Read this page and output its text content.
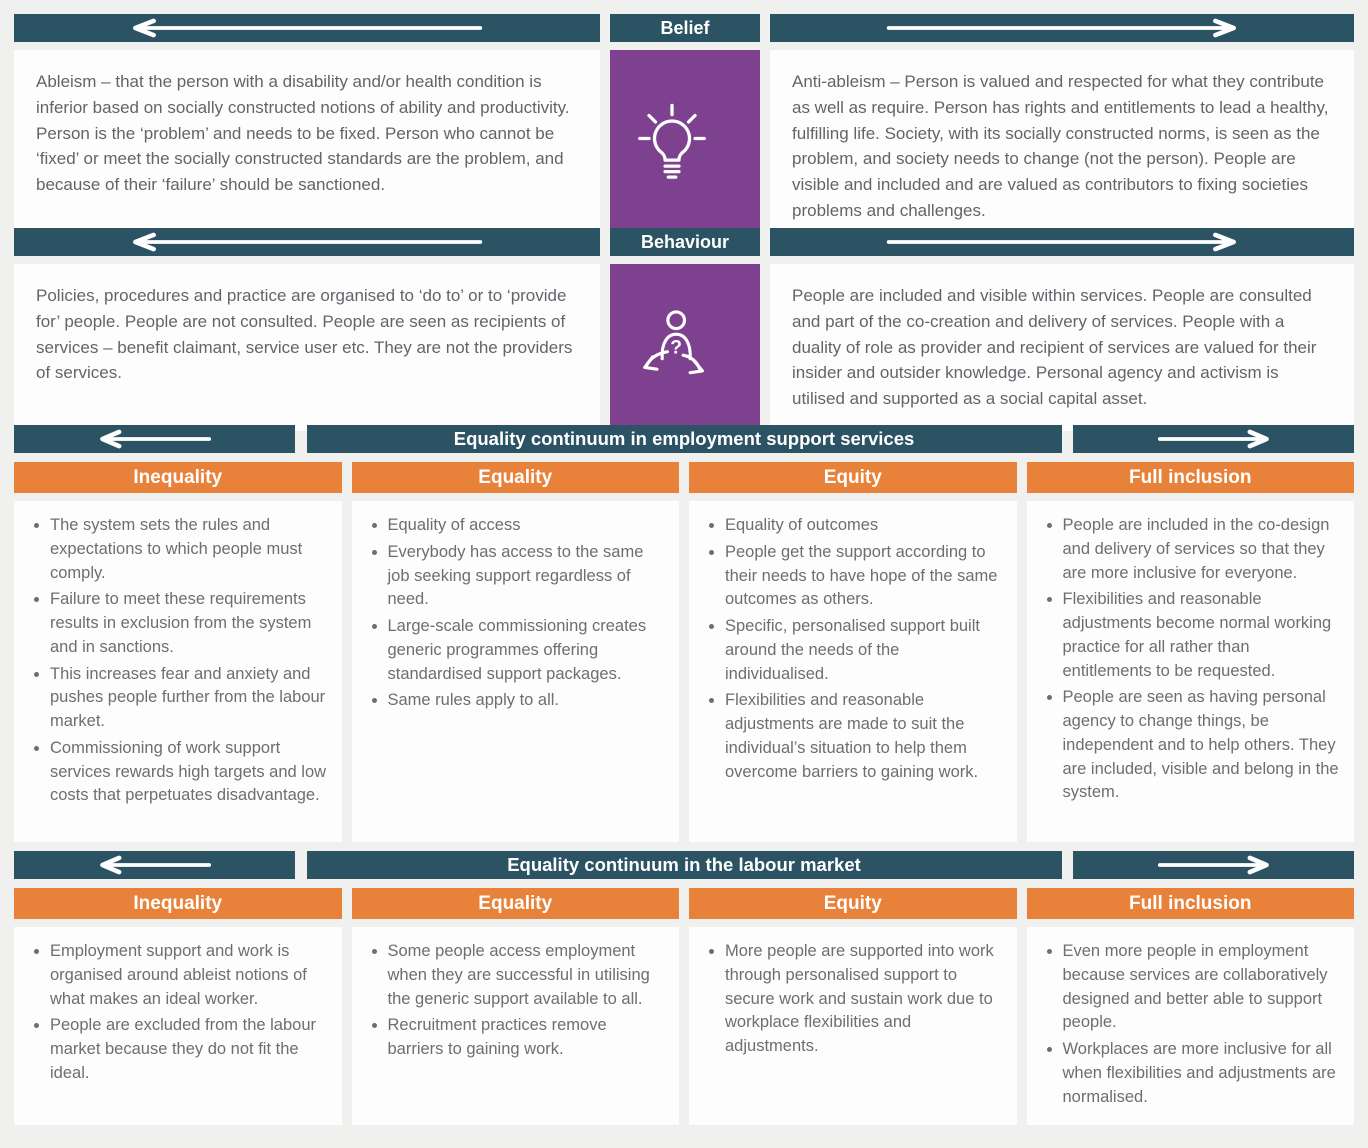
Belief
Ableism – that the person with a disability and/or health condition is inferior based on socially constructed notions of ability and productivity. Person is the ‘problem’ and needs to be fixed. Person who cannot be ‘fixed’ or meet the socially constructed standards are the problem, and because of their ‘failure’ should be sanctioned.
Anti-ableism – Person is valued and respected for what they contribute as well as require. Person has rights and entitlements to lead a healthy, fulfilling life. Society, with its socially constructed norms, is seen as the problem, and society needs to change (not the person). People are visible and included and are valued as contributors to fixing societies problems and challenges.
Behaviour
Policies, procedures and practice are organised to ‘do to’ or to ‘provide for’ people. People are not consulted. People are seen as recipients of services – benefit claimant, service user etc. They are not the providers of services.
?
People are included and visible within services. People are consulted and part of the co-creation and delivery of services. People with a duality of role as provider and recipient of services are valued for their insider and outsider knowledge. Personal agency and activism is utilised and supported as a social capital asset.
Equality continuum in employment support services
Inequality
• The system sets the rules and expectations to which people must comply.
• Failure to meet these requirements results in exclusion from the system and in sanctions.
• This increases fear and anxiety and pushes people further from the labour market.
• Commissioning of work support services rewards high targets and low costs that perpetuates disadvantage.
Equality
• Equality of access
• Everybody has access to the same job seeking support regardless of need.
• Large-scale commissioning creates generic programmes offering standardised support packages.
• Same rules apply to all.
Equity
• Equality of outcomes
• People get the support according to their needs to have hope of the same outcomes as others.
• Specific, personalised support built around the needs of the individualised.
• Flexibilities and reasonable adjustments are made to suit the individual’s situation to help them overcome barriers to gaining work.
Full inclusion
• People are included in the co-design and delivery of services so that they are more inclusive for everyone.
• Flexibilities and reasonable adjustments become normal working practice for all rather than entitlements to be requested.
• People are seen as having personal agency to change things, be independent and to help others. They are included, visible and belong in the system.
Equality continuum in the labour market
Inequality
• Employment support and work is organised around ableist notions of what makes an ideal worker.
• People are excluded from the labour market because they do not fit the ideal.
Equality
• Some people access employment when they are successful in utilising the generic support available to all.
• Recruitment practices remove barriers to gaining work.
Equity
• More people are supported into work through personalised support to secure work and sustain work due to workplace flexibilities and adjustments.
Full inclusion
• Even more people in employment because services are collaboratively designed and better able to support people.
• Workplaces are more inclusive for all when flexibilities and adjustments are normalised.
